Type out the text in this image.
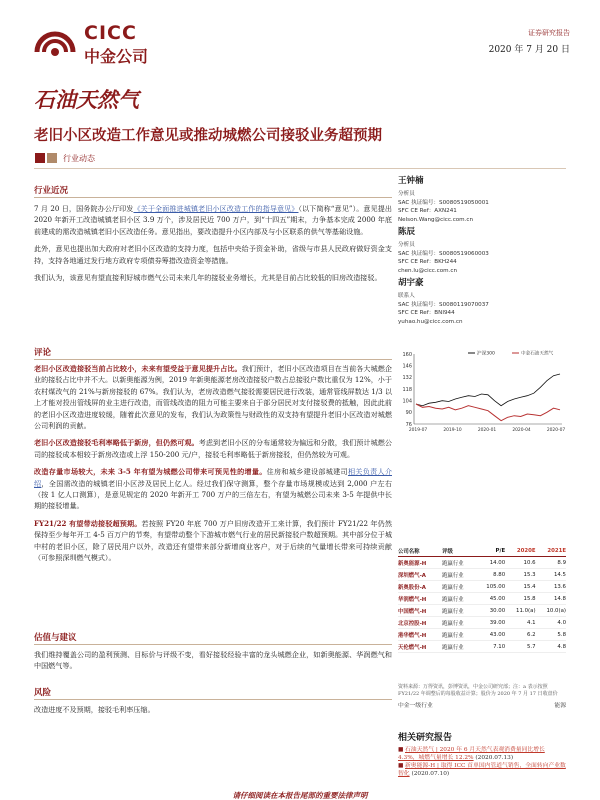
CICC
中金公司
证券研究报告
2020 年 7 月 20 日
石油天然气
老旧小区改造工作意见或推动城燃公司接驳业务超预期
行业动态
行业近况

7 月 20 日，国务院办公厅印发《关于全面推进城镇老旧小区改造工作的指导意见》（以下简称“意见”）。意见提出 2020 年新开工改造城镇老旧小区 3.9 万个，涉及居民近 700 万户，到“十四五”期末，力争基本完成 2000 年底前建成的需改造城镇老旧小区改造任务。意见指出，要改造提升小区内部及与小区联系的供气等基础设施。

此外，意见也提出加大政府对老旧小区改造的支持力度，包括中央给予资金补助，省级与市县人民政府做好资金支持，支持各地通过发行地方政府专项债券筹措改造资金等措施。

我们认为，该意见有望直接利好城市燃气公司未来几年的接驳业务增长，尤其是目前占比较低的旧房改造接驳。

评论

老旧小区改造接驳当前占比较小，未来有望受益于意见提升占比。我们预计，老旧小区改造项目在当前各大城燃企业的接驳占比中并不大。以新奥能源为例，2019 年新奥能源老房改造接驳户数占总接驳户数比重仅为 12%，小于农村煤改气的 21%与新房接驳的 67%。我们认为，老房改造燃气接驳需要居民进行改装，通常管线屏数达 1/3 以上才能对投出管线屏的业主进行改造，而管线改造的阻力可能主要来自于部分居民对支付接驳费的抵触，因此此前的老旧小区改造进度较缓，随着此次意见的发布，我们认为政策性与财政性的双支持有望提升老旧小区改造对城燃公司利润的贡献。

老旧小区改造接驳毛利率略低于新房，但仍然可观。考虑到老旧小区的分布通常较为偏远和分散，我们预计城燃公司的接驳成本相较于新房改造或上浮 150-200 元/户，接驳毛利率略低于新房接驳，但仍然较为可观。

改造存量市场较大，未来 3-5 年有望为城燃公司带来可预见性的增量。住房和城乡建设部城建司相关负责人介绍，全国需改造的城镇老旧小区涉及居民上亿人。经过我们保守测算，整个存量市场规模或达到 2,000 户左右（按 1 亿人口测算），是意见规定的 2020 年新开工 700 万户的三倍左右，有望为城燃公司未来 3-5 年提供中长期的接驳增量。

FY21/22 有望带动接驳超预期。若按照 FY20 年底 700 万户旧房改造开工来计算，我们预计 FY21/22 年仍然保持至少每年开工 4-5 百万户的节奏，有望带动整个下游城市燃气行业的居民新接驳户数超预期。其中部分位于城中村的老旧小区，除了居民用户以外，改造还有望带来部分新增商业客户，对于后续的气量增长带来可持续贡献（可参照深圳燃气模式）。

估值与建议

我们维持覆盖公司的盈利预测、目标价与评级不变，看好接驳经验丰富的龙头城燃企业，如新奥能源、华润燃气和中国燃气等。

风险

改造进度不及预期，接驳毛利率压缩。

王钟楠
分析员
SAC 执证编号：S0080519050001
SFC CE Ref：AXN241
Nelson.Wang@cicc.com.cn
陈辰
分析员
SAC 执证编号：S0080519060003
SFC CE Ref：BKH244
chen.lu@cicc.com.cn
胡宇豪
联系人
SAC 执证编号：S0080119070037
SFC CE Ref：BNI944
yuhao.hu@cicc.com.cn
76
90
104
118
132
146
160
2019-07	2019-10	2020-01	2020-04	2020-07
沪深300	中金石油天然气
公司名称	评级	P/E	2020E	2021E
新奥能源-H	跑赢行业	14.00	10.6	8.9
深圳燃气-A	跑赢行业	8.80	15.3	14.5
新奥股份-A	跑赢行业	105.00	15.4	13.6
华润燃气-H	跑赢行业	45.00	15.8	14.8
中国燃气-H	跑赢行业	30.00	11.0(a)	10.0(a)
北京控股-H	跑赢行业	39.00	4.1	4.0
港华燃气-H	跑赢行业	43.00	6.2	5.8
天伦燃气-H	跑赢行业	7.10	5.7	4.8
资料来源：万得资讯，彭博资讯，中金公司研究部；注：a 表示按照 FY21/22 年调整后的每股收益计算；股价为 2020 年 7 月 17 日收盘价
中金一级行业	能源
相关研究报告
■ 石油天然气 | 2020 年 6 月天然气表观消费量同比增长 4.3%，城燃气量增长 12.2% (2020.07.13)
■ 新奥能源-H | 取得 ICC 首单国内管道气销售，全面转向产业数智化 (2020.07.10)
请仔细阅读在本报告尾部的重要法律声明
